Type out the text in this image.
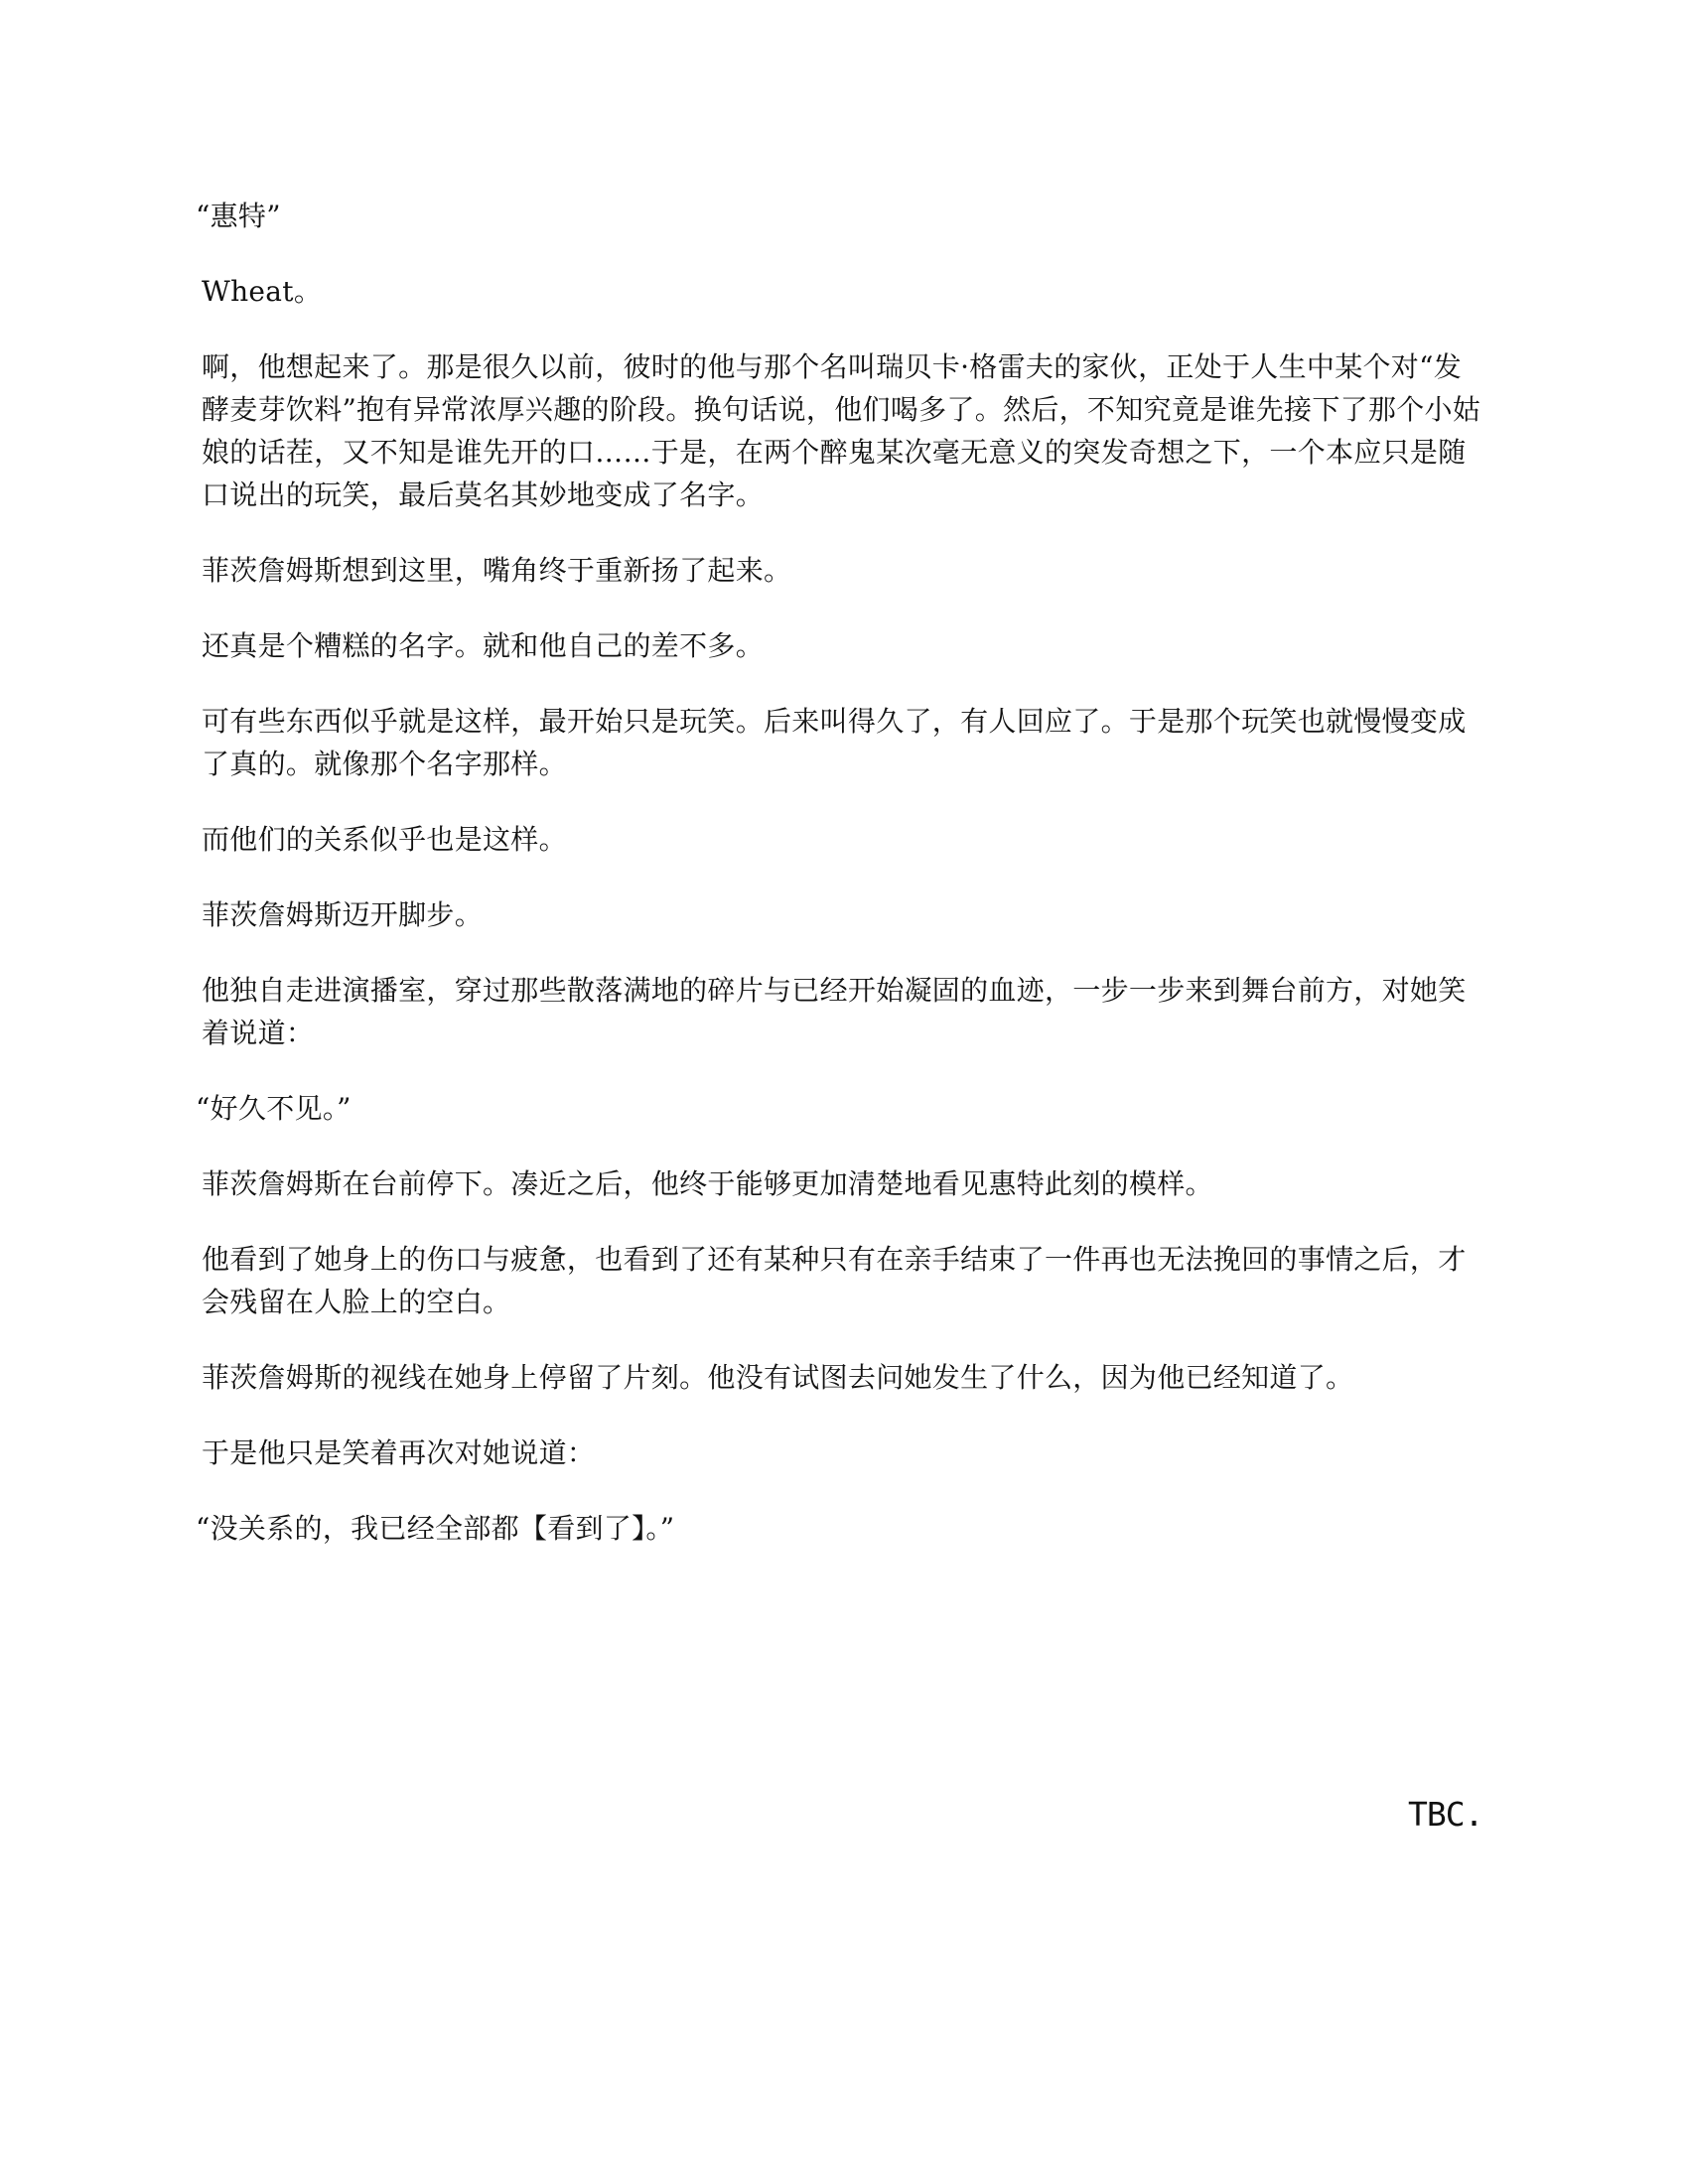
“惠特”

Wheat。

啊，他想起来了。那是很久以前，彼时的他与那个名叫瑞贝卡·格雷夫的家伙，正处于人生中某个对“发酵麦芽饮料”抱有异常浓厚兴趣的阶段。换句话说，他们喝多了。然后，不知究竟是谁先接下了那个小姑娘的话茬，又不知是谁先开的口……于是，在两个醉鬼某次毫无意义的突发奇想之下，一个本应只是随口说出的玩笑，最后莫名其妙地变成了名字。

菲茨詹姆斯想到这里，嘴角终于重新扬了起来。

还真是个糟糕的名字。就和他自己的差不多。

可有些东西似乎就是这样，最开始只是玩笑。后来叫得久了，有人回应了。于是那个玩笑也就慢慢变成了真的。就像那个名字那样。

而他们的关系似乎也是这样。

菲茨詹姆斯迈开脚步。

他独自走进演播室，穿过那些散落满地的碎片与已经开始凝固的血迹，一步一步来到舞台前方，对她笑着说道：

“好久不见。”

菲茨詹姆斯在台前停下。凑近之后，他终于能够更加清楚地看见惠特此刻的模样。

他看到了她身上的伤口与疲惫，也看到了还有某种只有在亲手结束了一件再也无法挽回的事情之后，才会残留在人脸上的空白。

菲茨詹姆斯的视线在她身上停留了片刻。他没有试图去问她发生了什么，因为他已经知道了。

于是他只是笑着再次对她说道：

“没关系的，我已经全部都【看到了】。”

TBC.
